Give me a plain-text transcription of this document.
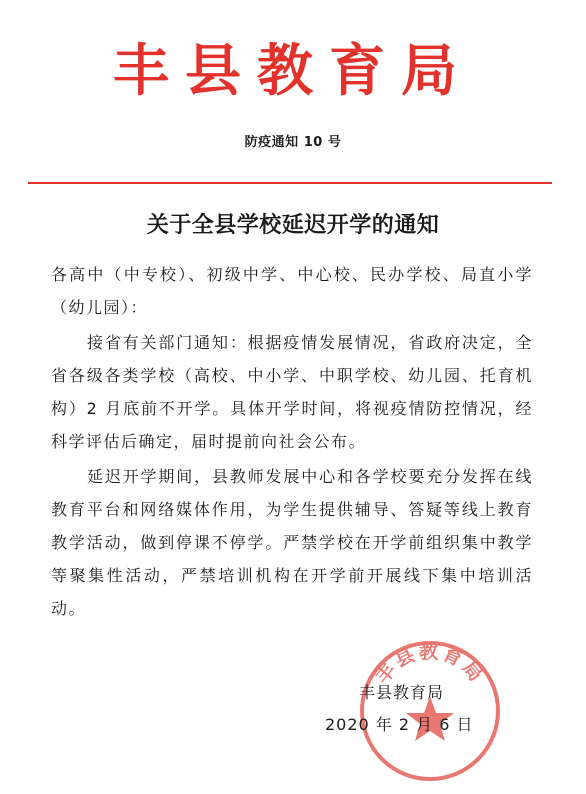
丰县教育局
防疫通知 10 号
关于全县学校延迟开学的通知

各高中（中专校）、初级中学、中心校、民办学校、局直小学（幼儿园）：

接省有关部门通知：根据疫情发展情况，省政府决定，全省各级各类学校（高校、中小学、中职学校、幼儿园、托育机构）2 月底前不开学。具体开学时间，将视疫情防控情况，经科学评估后确定，届时提前向社会公布。

延迟开学期间，县教师发展中心和各学校要充分发挥在线教育平台和网络媒体作用，为学生提供辅导、答疑等线上教育教学活动，做到停课不停学。严禁学校在开学前组织集中教学等聚集性活动，严禁培训机构在开学前开展线下集中培训活动。

丰县教育局
丰县教育局
2020 年 2 月 6 日
